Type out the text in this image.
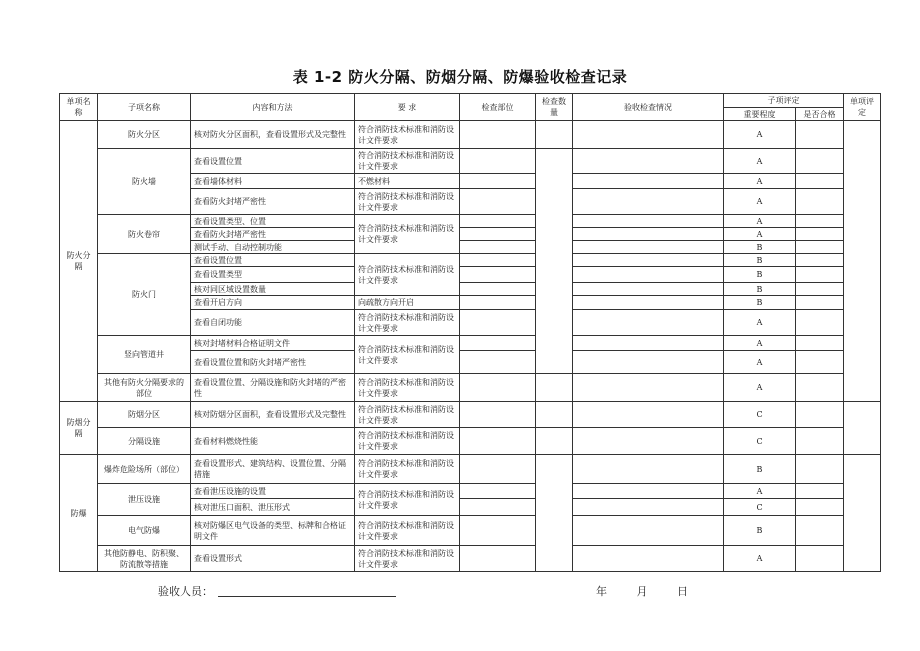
表 1-2 防火分隔、防烟分隔、防爆验收检查记录
单项名称	子项名称	内容和方法	要 求	检查部位	检查数量	验收检查情况	子项评定		单项评定
							重要程度	是否合格	
防火分隔	防火分区	核对防火分区面积，查看设置形式及完整性	符合消防技术标准和消防设计文件要求				A		
	防火墙	查看设置位置	符合消防技术标准和消防设计文件要求				A		
		查看墙体材料	不燃材料				A		
		查看防火封堵严密性	符合消防技术标准和消防设计文件要求				A		
	防火卷帘	查看设置类型、位置	符合消防技术标准和消防设计文件要求				A		
		查看防火封堵严密性					A		
		测试手动、自动控制功能					B		
	防火门	查看设置位置	符合消防技术标准和消防设计文件要求				B		
		查看设置类型					B		
		核对同区域设置数量					B		
		查看开启方向	向疏散方向开启				B		
		查看自闭功能	符合消防技术标准和消防设计文件要求				A		
	竖向管道井	核对封堵材料合格证明文件	符合消防技术标准和消防设计文件要求				A		
		查看设置位置和防火封堵严密性					A		
	其他有防火分隔要求的部位	查看设置位置、分隔设施和防火封堵的严密性	符合消防技术标准和消防设计文件要求				A		
防烟分隔	防烟分区	核对防烟分区面积，查看设置形式及完整性	符合消防技术标准和消防设计文件要求				C		
	分隔设施	查看材料燃烧性能	符合消防技术标准和消防设计文件要求				C		
防爆	爆炸危险场所（部位）	查看设置形式、建筑结构、设置位置、分隔措施	符合消防技术标准和消防设计文件要求				B		
	泄压设施	查看泄压设施的设置	符合消防技术标准和消防设计文件要求				A		
		核对泄压口面积、泄压形式					C		
	电气防爆	核对防爆区电气设备的类型、标牌和合格证明文件	符合消防技术标准和消防设计文件要求				B		
	其他防静电、防积聚、防流散等措施	查看设置形式	符合消防技术标准和消防设计文件要求				A		
验收人员：	年 月 日
